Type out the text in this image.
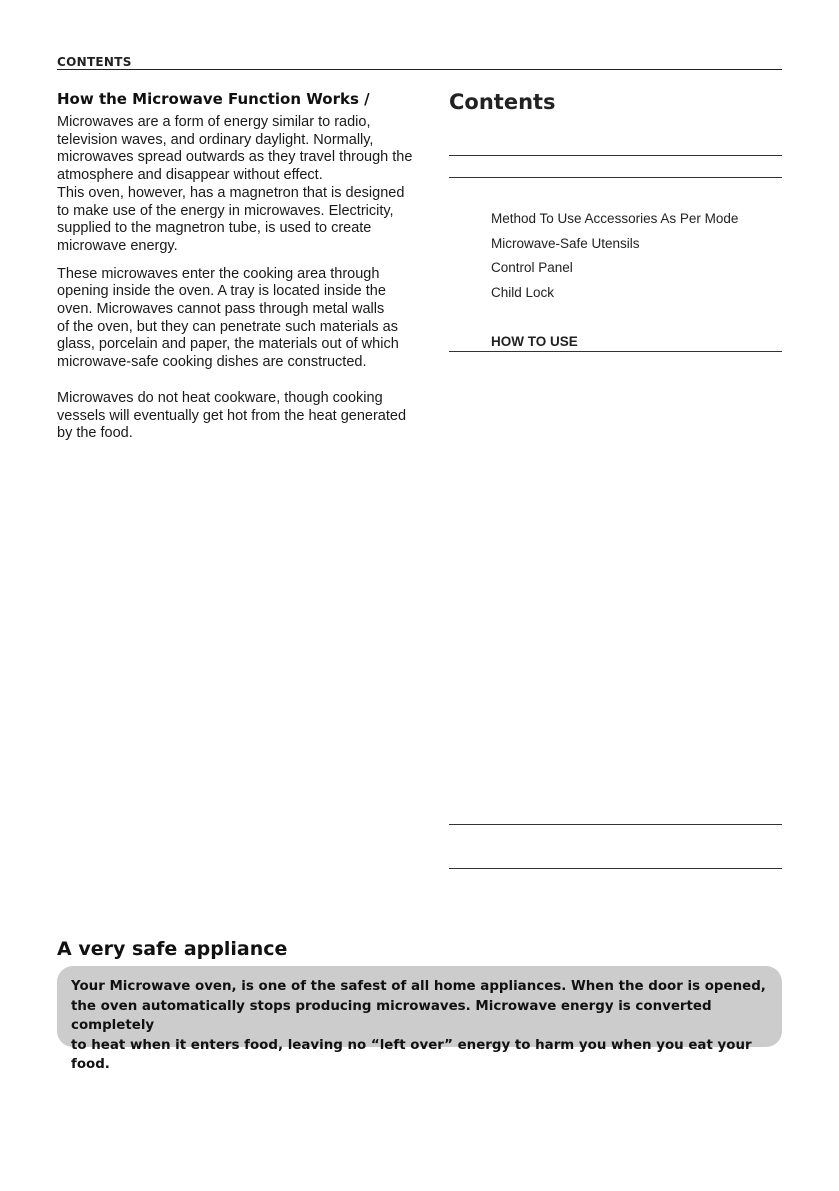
CONTENTS
How the Microwave Function Works /
Microwaves are a form of energy similar to radio,
television waves, and ordinary daylight. Normally,
microwaves spread outwards as they travel through the
atmosphere and disappear without effect.
This oven, however, has a magnetron that is designed
to make use of the energy in microwaves. Electricity,
supplied to the magnetron tube, is used to create
microwave energy.
These microwaves enter the cooking area through
opening inside the oven. A tray is located inside the
oven. Microwaves cannot pass through metal walls
of the oven, but they can penetrate such materials as
glass, porcelain and paper, the materials out of which
microwave-safe cooking dishes are constructed.
Microwaves do not heat cookware, though cooking
vessels will eventually get hot from the heat generated
by the food.
Contents
Method To Use Accessories As Per Mode
Microwave-Safe Utensils
Control Panel
Child Lock
HOW TO USE
A very safe appliance
Your Microwave oven, is one of the safest of all home appliances. When the door is opened,
the oven automatically stops producing microwaves. Microwave energy is converted completely
to heat when it enters food, leaving no “left over” energy to harm you when you eat your food.
